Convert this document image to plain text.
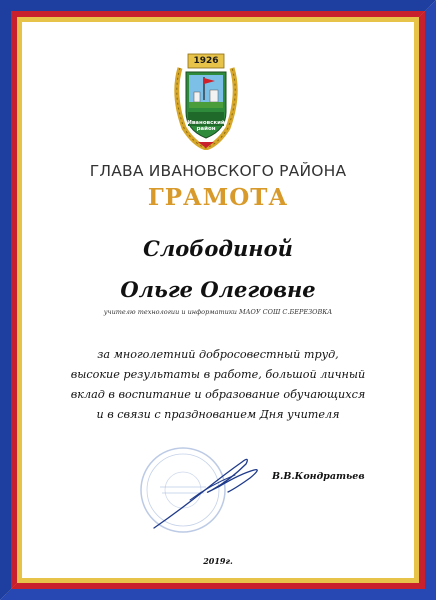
1926
Ивановский
район
ГЛАВА ИВАНОВСКОГО РАЙОНА
ГРАМОТА
Слободиной
Ольге Олеговне
учителю технологии и информатики МАОУ СОШ С.БЕРЕЗОВКА
за многолетний добросовестный труд,
высокие результаты в работе, большой личный
вклад в воспитание и образование обучающихся
и в связи с празднованием Дня учителя
В.В.Кондратьев
2019г.
